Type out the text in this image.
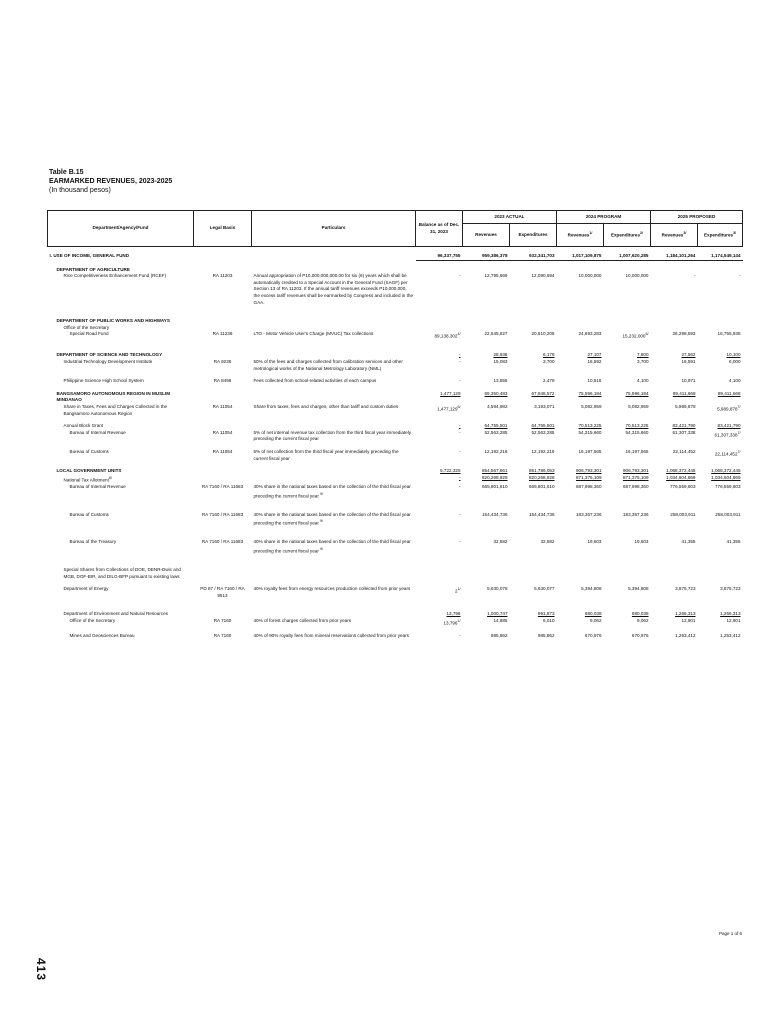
Table B.15
EARMARKED REVENUES, 2023-2025
(In thousand pesos)
Department/Agency/Fund	Legal Basis	Particulars	Balance as of Dec. 31, 2023	2023 ACTUAL		2024 PROGRAM		2025 PROPOSED	
				Revenues	Expenditures	Revenues$^{1/}$	Expenditures$^{2/}$	Revenues$^{3/}$	Expenditures$^{3/}$

I. USE OF INCOME, GENERAL FUND			96,337,755	959,386,378	932,341,703	1,017,109,875	1,007,620,285	1,184,101,264	1,174,549,144

DEPARTMENT OF AGRICULTURE									
Rice Competitiveness Enhancement Fund (RCEF)	RA 11203	Annual appropriation of P10,000,000,000.00 for six (6) years which shall be automatically credited to a Special Account in the General Fund (SAGF) per Section 13 of RA 11203. If the annual tariff revenues exceeds P10,000,000, the excess tariff revenues shall be earmarked by Congress and included in the GAA.	-	12,795,669	12,090,694	10,000,000	10,000,000	-	-

DEPARTMENT OF PUBLIC WORKS AND HIGHWAYS									
Office of the Secretary									
Special Road Fund	RA 11239	LTO - Motor Vehicle User's Charge (MVUC) Tax collections	89,138,302$^{4/}$	22,645,627	20,510,206	24,693,283	15,232,000$^{5/}$	26,298,593	16,755,935

DEPARTMENT OF SCIENCE AND TECHNOLOGY			-	28,938	6,178	27,107	7,800	27,562	10,100
Industrial Technology Development Institute	RA 9236	50% of the fees and charges collected from calibration services and other metrological works of the National Metrology Laboratory (NML)	-	15,083	3,700	16,592	3,700	16,591	6,000

Philippine Science High School System	RA 8496	Fees collected from school-related activities of each campus	-	13,855	2,478	10,515	4,100	10,971	4,100

BANGSAMORO AUTONOMOUS REGION IN MUSLIM MINDANAO			1,477,129	69,350,483	67,948,572	75,596,184	75,596,184	89,411,668	89,411,668
Share in Taxes, Fees and Charges Collected in the Bangsamoro Autonomous Region	RA 11054	Share from taxes, fees and charges, other than tariff and custom duties	1,477,129$^{6/}$	4,594,982	3,193,071	5,082,959	5,082,959	5,989,878	5,989,878$^{7/}$

Annual Block Grant			-	64,755,501	64,755,501	70,513,225	70,513,225	83,421,790	83,421,790
Bureau of Internal Revenue	RA 11054	5% of net internal revenue tax collection from the third fiscal year immediately preceding the current fiscal year	-	52,563,285	52,563,285	54,315,660	54,315,660	61,307,338	61,307,338$^{7/}$

Bureau of Customs	RA 11054	5% of net collection from the third fiscal year immediately preceding the current fiscal year	-	12,192,216	12,192,216	16,197,565	16,197,565	22,114,452	22,114,452$^{7/}$

LOCAL GOVERNMENT UNITS			5,722,325	854,567,661	851,786,053	906,793,301	906,793,301	1,068,372,445	1,068,372,445
National Tax Allotment$^{8/}$			-	820,268,928	820,268,928	871,375,109	871,375,109	1,034,604,869	1,034,604,869
Bureau of Internal Revenue	RA 7160 / RA 11683	40% share in the national taxes based on the collection of the third fiscal year preceding the current fiscal year $^{9/}$	-	665,801,610	665,801,610	687,998,360	687,998,360	776,559,603	776,559,603

Bureau of Customs	RA 7160 / RA 11683	40% share in the national taxes based on the collection of the third fiscal year preceding the current fiscal year $^{9/}$	-	154,434,736	154,434,736	183,357,236	183,357,236	258,003,911	258,003,911

Bureau of the Treasury	RA 7160 / RA 11683	40% share in the national taxes based on the collection of the third fiscal year preceding the current fiscal year $^{9/}$	-	32,582	32,582	19,603	19,603	41,355	41,355

Special Shares from Collections of DOE, DENR-Dwic and MGB, DOF-BIR, and DILG-BFP pursuant to existing laws									

Department of Energy	PD 87 / RA 7160 / RA 9513	40% royalty fees from energy resources production collected from prior years	2$^{1/}$	5,630,078	5,630,077	5,394,808	5,394,808	3,875,723	3,875,723

Department of Environment and Natural Resources			13,796	1,000,747	991,873	680,038	680,038	1,266,313	1,266,313
Office of the Secretary	RA 7160	40% of forest charges collected from prior years	13,796$^{1/}$	14,885	6,010	9,062	9,062	12,901	12,901

Mines and Geosciences Bureau	RA 7160	40% of 90% royalty fees from mineral reservations collected from prior years	-	985,862	985,862	670,976	670,976	1,253,412	1,253,412
Page 1 of 6
413
